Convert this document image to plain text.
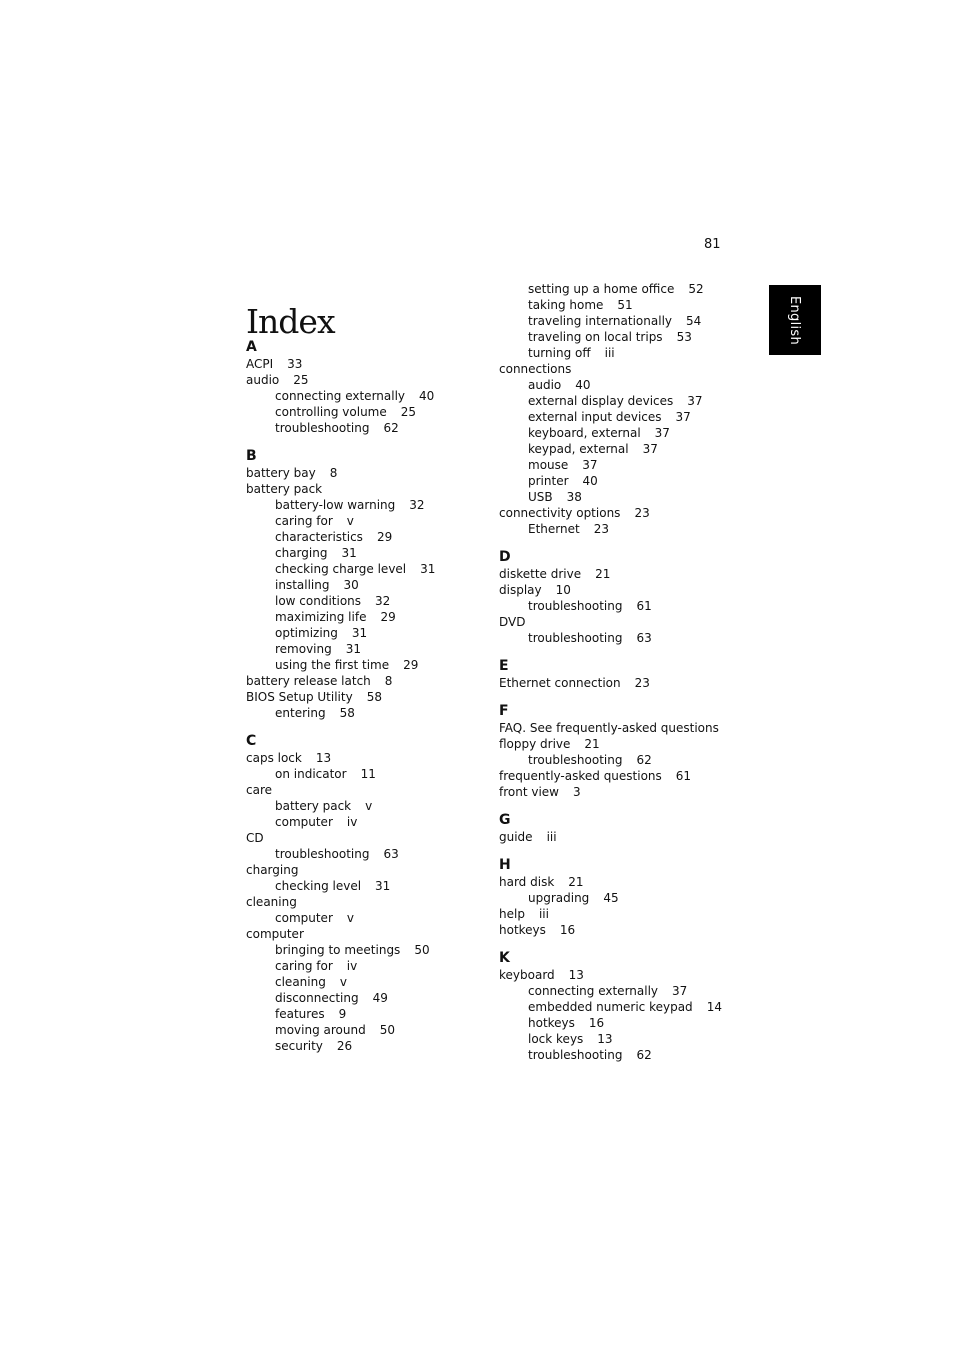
81
English
Index
A
ACPI 33
audio 25
connecting externally 40
controlling volume 25
troubleshooting 62
B
battery bay 8
battery pack
battery-low warning 32
caring for v
characteristics 29
charging 31
checking charge level 31
installing 30
low conditions 32
maximizing life 29
optimizing 31
removing 31
using the first time 29
battery release latch 8
BIOS Setup Utility 58
entering 58
C
caps lock 13
on indicator 11
care
battery pack v
computer iv
CD
troubleshooting 63
charging
checking level 31
cleaning
computer v
computer
bringing to meetings 50
caring for iv
cleaning v
disconnecting 49
features 9
moving around 50
security 26
setting up a home office 52
taking home 51
traveling internationally 54
traveling on local trips 53
turning off iii
connections
audio 40
external display devices 37
external input devices 37
keyboard, external 37
keypad, external 37
mouse 37
printer 40
USB 38
connectivity options 23
Ethernet 23
D
diskette drive 21
display 10
troubleshooting 61
DVD
troubleshooting 63
E
Ethernet connection 23
F
FAQ. See frequently-asked questions
floppy drive 21
troubleshooting 62
frequently-asked questions 61
front view 3
G
guide iii
H
hard disk 21
upgrading 45
help iii
hotkeys 16
K
keyboard 13
connecting externally 37
embedded numeric keypad 14
hotkeys 16
lock keys 13
troubleshooting 62
